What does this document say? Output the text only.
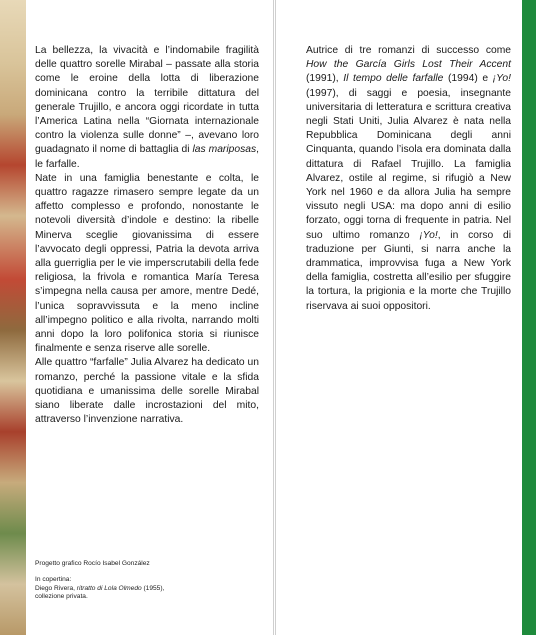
La bellezza, la vivacità e l’indomabile fragilità delle quattro sorelle Mirabal – passate alla storia come le eroine della lotta di liberazione dominicana contro la terribile dittatura del generale Trujillo, e ancora oggi ricordate in tutta l’America Latina nella “Giornata internazionale contro la violenza sulle donne” –, avevano loro guadagnato il nome di battaglia di las mariposas, le farfalle.

Nate in una famiglia benestante e colta, le quattro ragazze rimasero sempre legate da un affetto complesso e profondo, nonostante le notevoli diversità d’indole e destino: la ribelle Minerva sceglie giovanissima di essere l’avvocato degli oppressi, Patria la devota arriva alla guerriglia per le vie imperscrutabili della fede religiosa, la frivola e romantica María Teresa s’impegna nella causa per amore, mentre Dedé, l’unica sopravvissuta e la meno incline all’impegno politico e alla rivolta, narrando molti anni dopo la loro polifonica storia si riunisce finalmente e senza riserve alle sorelle.

Alle quattro “farfalle” Julia Alvarez ha dedicato un romanzo, perché la passione vitale e la sfida quotidiana e umanissima delle sorelle Mirabal siano liberate dalle incrostazioni del mito, attraverso l’invenzione narrativa.

Progetto grafico Rocío Isabel González
In copertina:
Diego Rivera, ritratto di Lola Olmedo (1955),
collezione privata.

Autrice di tre romanzi di successo come How the García Girls Lost Their Accent (1991), Il tempo delle farfalle (1994) e ¡Yo! (1997), di saggi e poesia, insegnante universitaria di letteratura e scrittura creativa negli Stati Uniti, Julia Alvarez è nata nella Repubblica Dominicana degli anni Cinquanta, quando l’isola era dominata dalla dittatura di Rafael Trujillo. La famiglia Alvarez, ostile al regime, si rifugiò a New York nel 1960 e da allora Julia ha sempre vissuto negli USA: ma dopo anni di esilio forzato, oggi torna di frequente in patria. Nel suo ultimo romanzo ¡Yo!, in corso di traduzione per Giunti, si narra anche la drammatica, improvvisa fuga a New York della famiglia, costretta all’esilio per sfuggire la tortura, la prigionia e la morte che Trujillo riservava ai suoi oppositori.
